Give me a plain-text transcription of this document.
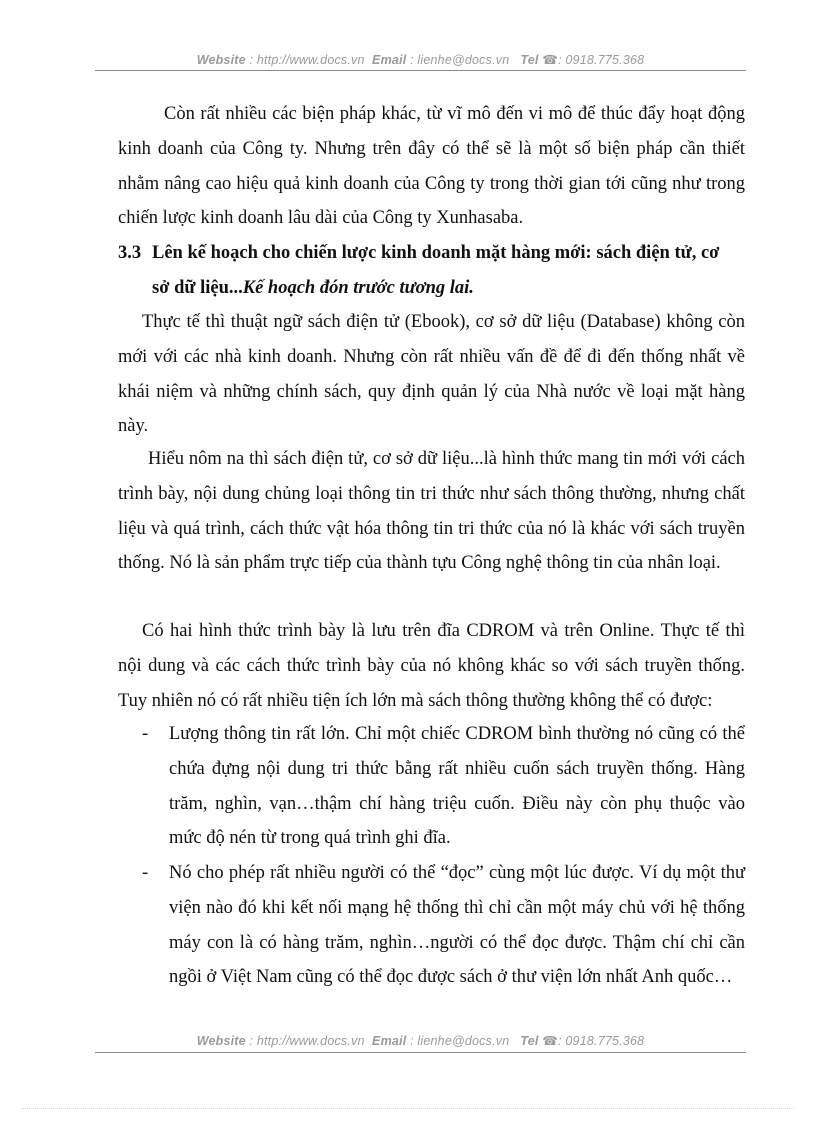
Website : http://www.docs.vn Email : lienhe@docs.vn Tel ☎: 0918.775.368
Còn rất nhiều các biện pháp khác, từ vĩ mô đến vi mô để thúc đẩy hoạt động kinh doanh của Công ty. Nhưng trên đây có thể sẽ là một số biện pháp cần thiết nhằm nâng cao hiệu quả kinh doanh của Công ty trong thời gian tới cũng như trong chiến lược kinh doanh lâu dài của Công ty Xunhasaba.
3.3 Lên kế hoạch cho chiến lược kinh doanh mặt hàng mới: sách điện tử, cơ
sở dữ liệu...Kế hoạch đón trước tương lai.
Thực tế thì thuật ngữ sách điện tử (Ebook), cơ sở dữ liệu (Database) không còn mới với các nhà kinh doanh. Nhưng còn rất nhiều vấn đề để đi đến thống nhất về khái niệm và những chính sách, quy định quản lý của Nhà nước về loại mặt hàng này.
Hiểu nôm na thì sách điện tử, cơ sở dữ liệu...là hình thức mang tin mới với cách trình bày, nội dung chủng loại thông tin tri thức như sách thông thường, nhưng chất liệu và quá trình, cách thức vật hóa thông tin tri thức của nó là khác với sách truyền thống. Nó là sản phẩm trực tiếp của thành tựu Công nghệ thông tin của nhân loại.
Có hai hình thức trình bày là lưu trên đĩa CDROM và trên Online. Thực tế thì nội dung và các cách thức trình bày của nó không khác so với sách truyền thống. Tuy nhiên nó có rất nhiều tiện ích lớn mà sách thông thường không thể có được:
-	Lượng thông tin rất lớn. Chỉ một chiếc CDROM bình thường nó cũng có thể chứa đựng nội dung tri thức bằng rất nhiều cuốn sách truyền thống. Hàng trăm, nghìn, vạn…thậm chí hàng triệu cuốn. Điều này còn phụ thuộc vào mức độ nén từ trong quá trình ghi đĩa.
-	Nó cho phép rất nhiều người có thể “đọc” cùng một lúc được. Ví dụ một thư viện nào đó khi kết nối mạng hệ thống thì chỉ cần một máy chủ với hệ thống máy con là có hàng trăm, nghìn…người có thể đọc được. Thậm chí chỉ cần ngồi ở Việt Nam cũng có thể đọc được sách ở thư viện lớn nhất Anh quốc…
Website : http://www.docs.vn Email : lienhe@docs.vn Tel ☎: 0918.775.368
